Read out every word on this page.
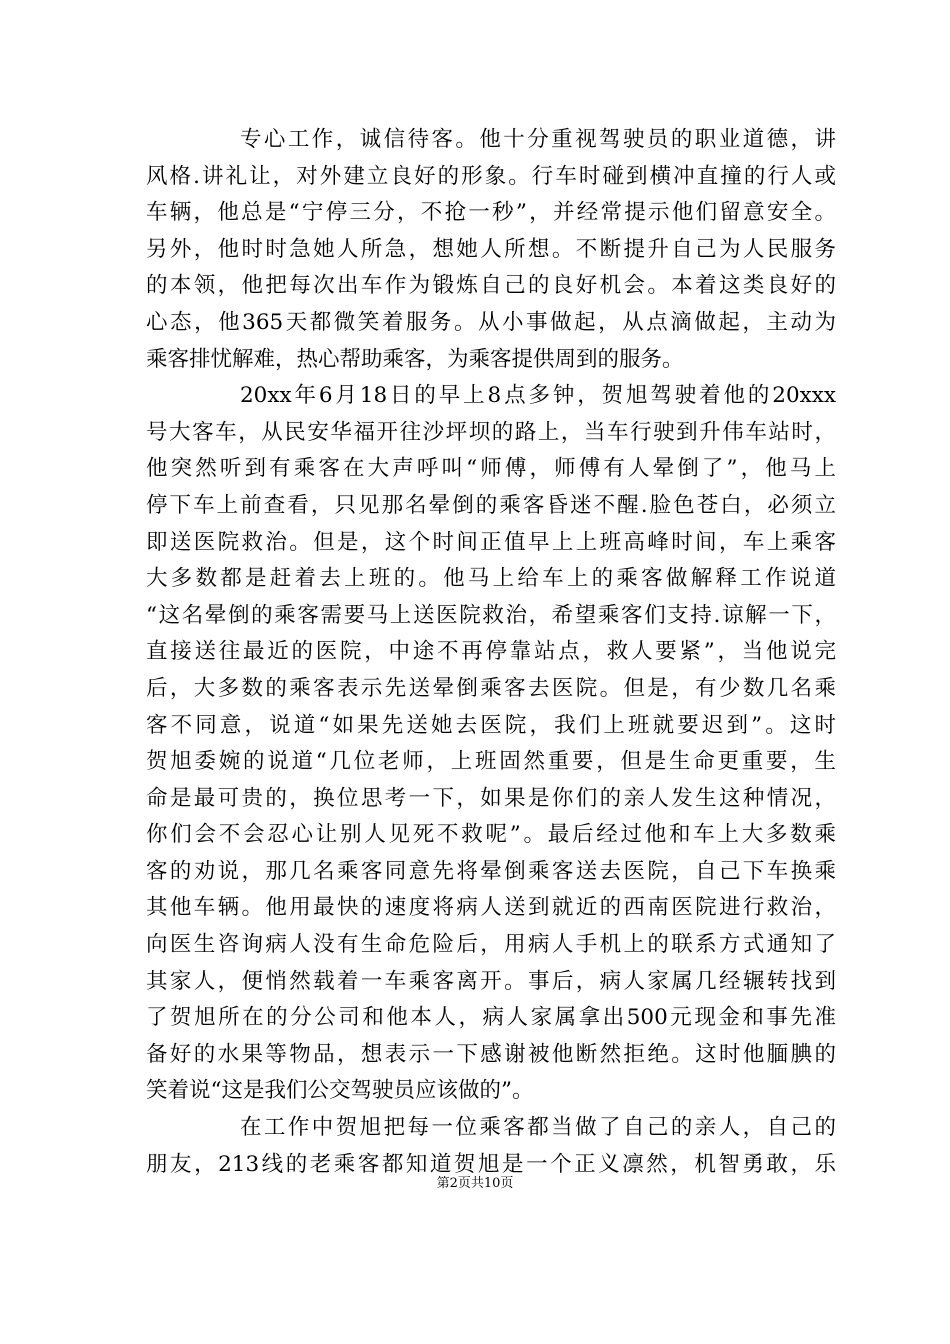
专心工作，诚信待客。他十分重视驾驶员的职业道德，讲
风格.讲礼让，对外建立良好的形象。行车时碰到横冲直撞的行人或
车辆，他总是“宁停三分，不抢一秒”，并经常提示他们留意安全。
另外，他时时急她人所急，想她人所想。不断提升自己为人民服务
的本领，他把每次出车作为锻炼自己的良好机会。本着这类良好的
心态，他365天都微笑着服务。从小事做起，从点滴做起，主动为
乘客排忧解难，热心帮助乘客，为乘客提供周到的服务。
20xx年6月18日的早上8点多钟，贺旭驾驶着他的20xxx
号大客车，从民安华福开往沙坪坝的路上，当车行驶到升伟车站时，
他突然听到有乘客在大声呼叫“师傅，师傅有人晕倒了”，他马上
停下车上前查看，只见那名晕倒的乘客昏迷不醒.脸色苍白，必须立
即送医院救治。但是，这个时间正值早上上班高峰时间，车上乘客
大多数都是赶着去上班的。他马上给车上的乘客做解释工作说道
“这名晕倒的乘客需要马上送医院救治，希望乘客们支持.谅解一下，
直接送往最近的医院，中途不再停靠站点，救人要紧”，当他说完
后，大多数的乘客表示先送晕倒乘客去医院。但是，有少数几名乘
客不同意，说道“如果先送她去医院，我们上班就要迟到”。这时
贺旭委婉的说道“几位老师，上班固然重要，但是生命更重要，生
命是最可贵的，换位思考一下，如果是你们的亲人发生这种情况，
你们会不会忍心让别人见死不救呢”。最后经过他和车上大多数乘
客的劝说，那几名乘客同意先将晕倒乘客送去医院，自己下车换乘
其他车辆。他用最快的速度将病人送到就近的西南医院进行救治，
向医生咨询病人没有生命危险后，用病人手机上的联系方式通知了
其家人，便悄然载着一车乘客离开。事后，病人家属几经辗转找到
了贺旭所在的分公司和他本人，病人家属拿出500元现金和事先准
备好的水果等物品，想表示一下感谢被他断然拒绝。这时他腼腆的
笑着说“这是我们公交驾驶员应该做的”。
在工作中贺旭把每一位乘客都当做了自己的亲人，自己的
朋友，213线的老乘客都知道贺旭是一个正义凛然，机智勇敢，乐
第2页共10页
